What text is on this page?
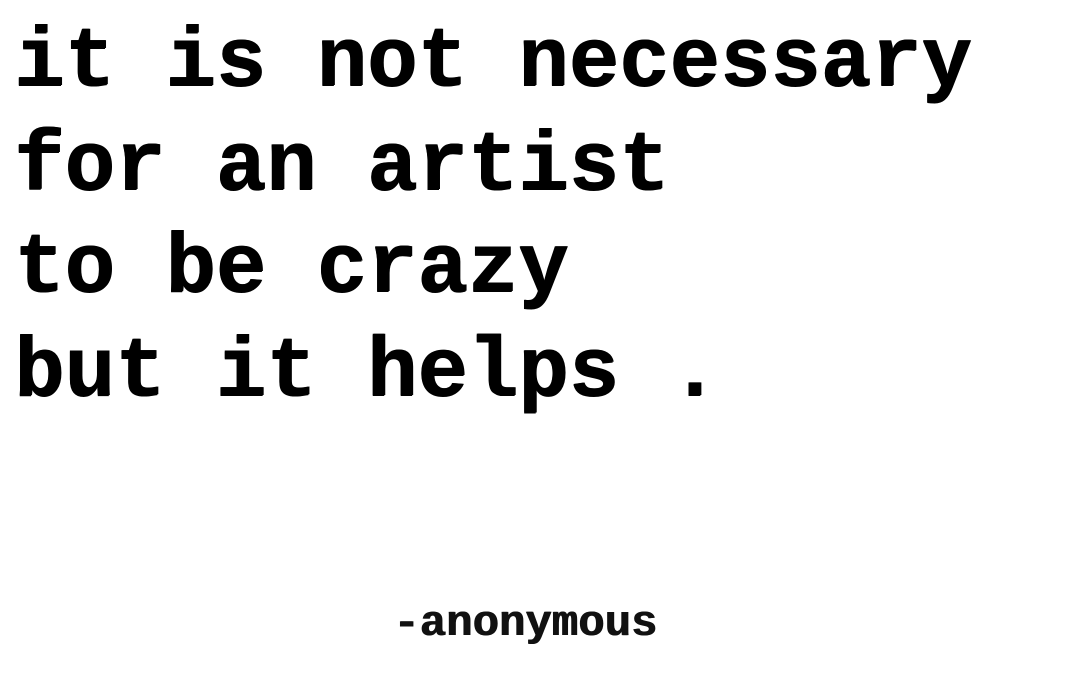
it is not necessary

for an artist

to be crazy

but it helps .

-anonymous
